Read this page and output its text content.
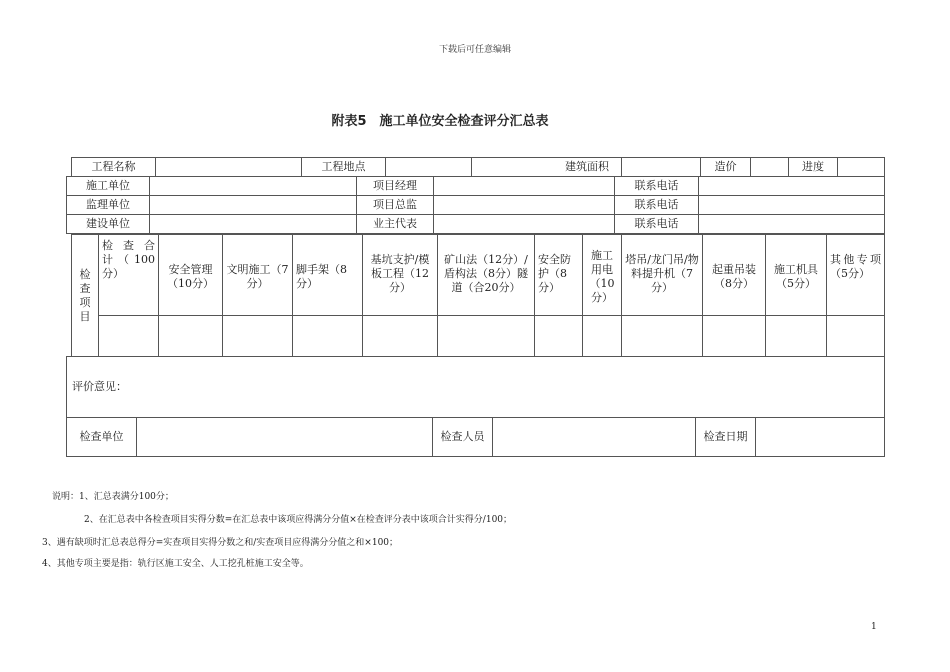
下载后可任意编辑
附表5　施工单位安全检查评分汇总表
工程名称		工程地点		建筑面积		造价		进度	
施工单位		项目经理		联系电话	
监理单位		项目总监		联系电话	
建设单位		业主代表		联系电话	
检查项目	检 查 合 计（100分）	安全管理（10分）	文明施工（7分）	脚手架（8分）	基坑支护/模板工程（12分）	矿山法（12分）/盾构法（8分）隧道（合20分）	安全防护（8分）	施工用电（10分）	塔吊/龙门吊/物料提升机（7分）	起重吊装（8分）	施工机具（5分）	其他专项（5分）

评价意见：
检查单位		检查人员		检查日期	
说明：1、汇总表满分100分；
2、在汇总表中各检查项目实得分数=在汇总表中该项应得满分分值×在检查评分表中该项合计实得分/100；
3、遇有缺项时汇总表总得分=实查项目实得分数之和/实查项目应得满分分值之和×100；
4、其他专项主要是指：轨行区施工安全、人工挖孔桩施工安全等。
1
